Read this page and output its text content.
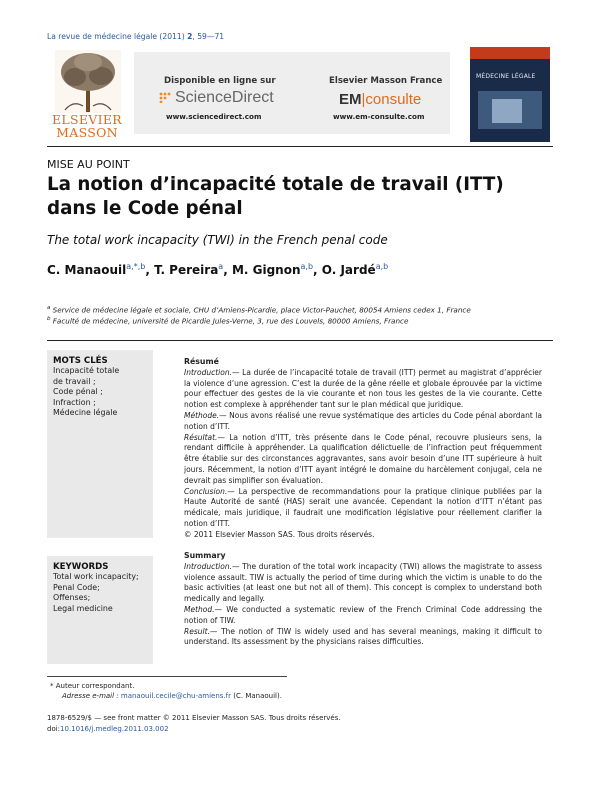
La revue de médecine légale (2011) 2, 59—71
ELSEVIER
MASSON
Disponible en ligne sur
ScienceDirect
www.sciencedirect.com
Elsevier Masson France
EM|consulte
www.em-consulte.com
MÉDECINE LÉGALE
MISE AU POINT
La notion d’incapacité totale de travail (ITT) dans le Code pénal
The total work incapacity (TWI) in the French penal code
C. Manaouil$^{a,*,b}$, T. Pereira$^a$, M. Gignon$^{a,b}$, O. Jardé$^{a,b}$
$^a$ Service de médecine légale et sociale, CHU d’Amiens-Picardie, place Victor-Pauchet, 80054 Amiens cedex 1, France
$^b$ Faculté de médecine, université de Picardie Jules-Verne, 3, rue des Louvels, 80000 Amiens, France
MOTS CLÉS
Incapacité totale
de travail ;
Code pénal ;
Infraction ;
Médecine légale
KEYWORDS
Total work incapacity;
Penal Code;
Offenses;
Legal medicine
Résumé
Introduction.— La durée de l’incapacité totale de travail (ITT) permet au magistrat d’apprécier la violence d’une agression. C’est la durée de la gêne réelle et globale éprouvée par la victime pour effectuer des gestes de la vie courante et non tous les gestes de la vie courante. Cette notion est complexe à appréhender tant sur le plan médical que juridique.
Méthode.— Nous avons réalisé une revue systématique des articles du Code pénal abordant la notion d’ITT.
Résultat.— La notion d’ITT, très présente dans le Code pénal, recouvre plusieurs sens, la rendant difficile à appréhender. La qualification délictuelle de l’infraction peut fréquemment être établie sur des circonstances aggravantes, sans avoir besoin d’une ITT supérieure à huit jours. Récemment, la notion d’ITT ayant intégré le domaine du harcèlement conjugal, cela ne devrait pas simplifier son évaluation.
Conclusion.— La perspective de recommandations pour la pratique clinique publiées par la Haute Autorité de santé (HAS) serait une avancée. Cependant la notion d’ITT n’étant pas médicale, mais juridique, il faudrait une modification législative pour réellement clarifier la notion d’ITT.
© 2011 Elsevier Masson SAS. Tous droits réservés.
Summary
Introduction.— The duration of the total work incapacity (TWI) allows the magistrate to assess violence assault. TIW is actually the period of time during which the victim is unable to do the basic activities (at least one but not all of them). This concept is complex to understand both medically and legally.
Method.— We conducted a systematic review of the French Criminal Code addressing the notion of TIW.
Result.— The notion of TIW is widely used and has several meanings, making it difficult to understand. Its assessment by the physicians raises difficulties.
* Auteur correspondant.
Adresse e-mail : manaouil.cecile@chu-amiens.fr (C. Manaouil).
1878-6529/$ — see front matter © 2011 Elsevier Masson SAS. Tous droits réservés.
doi:10.1016/j.medleg.2011.03.002
